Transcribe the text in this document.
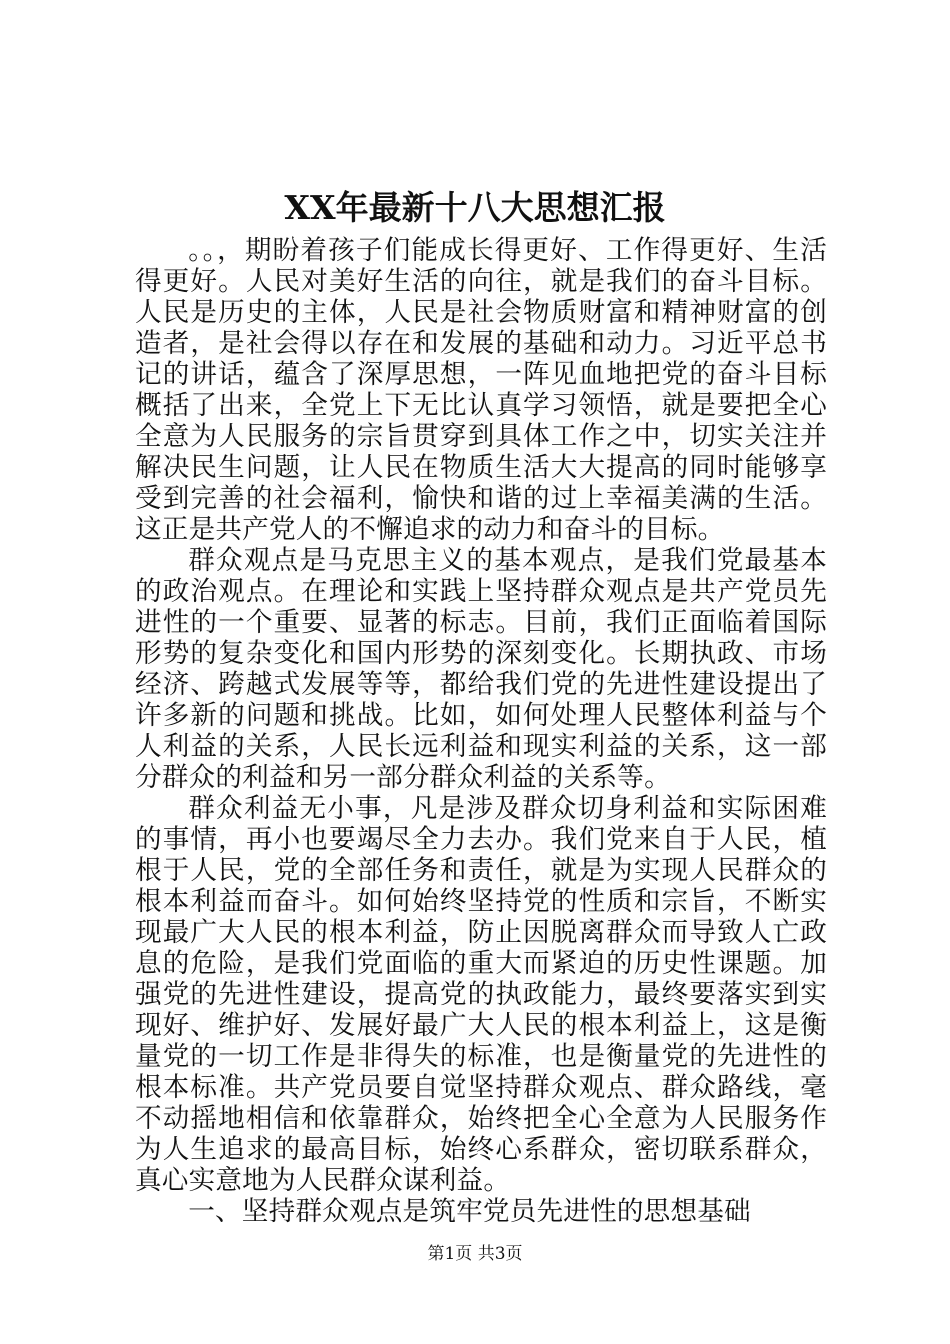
XX年最新十八大思想汇报

。。，期盼着孩子们能成长得更好、工作得更好、生活得更好。人民对美好生活的向往，就是我们的奋斗目标。人民是历史的主体，人民是社会物质财富和精神财富的创造者，是社会得以存在和发展的基础和动力。习近平总书记的讲话，蕴含了深厚思想，一阵见血地把党的奋斗目标概括了出来，全党上下无比认真学习领悟，就是要把全心全意为人民服务的宗旨贯穿到具体工作之中，切实关注并解决民生问题，让人民在物质生活大大提高的同时能够享受到完善的社会福利，愉快和谐的过上幸福美满的生活。这正是共产党人的不懈追求的动力和奋斗的目标。

群众观点是马克思主义的基本观点，是我们党最基本的政治观点。在理论和实践上坚持群众观点是共产党员先进性的一个重要、显著的标志。目前，我们正面临着国际形势的复杂变化和国内形势的深刻变化。长期执政、市场经济、跨越式发展等等，都给我们党的先进性建设提出了许多新的问题和挑战。比如，如何处理人民整体利益与个人利益的关系，人民长远利益和现实利益的关系，这一部分群众的利益和另一部分群众利益的关系等。

群众利益无小事，凡是涉及群众切身利益和实际困难的事情，再小也要竭尽全力去办。我们党来自于人民，植根于人民，党的全部任务和责任，就是为实现人民群众的根本利益而奋斗。如何始终坚持党的性质和宗旨，不断实现最广大人民的根本利益，防止因脱离群众而导致人亡政息的危险，是我们党面临的重大而紧迫的历史性课题。加强党的先进性建设，提高党的执政能力，最终要落实到实现好、维护好、发展好最广大人民的根本利益上，这是衡量党的一切工作是非得失的标准，也是衡量党的先进性的根本标准。共产党员要自觉坚持群众观点、群众路线，毫不动摇地相信和依靠群众，始终把全心全意为人民服务作为人生追求的最高目标，始终心系群众，密切联系群众，真心实意地为人民群众谋利益。

一、坚持群众观点是筑牢党员先进性的思想基础

第1页 共3页
